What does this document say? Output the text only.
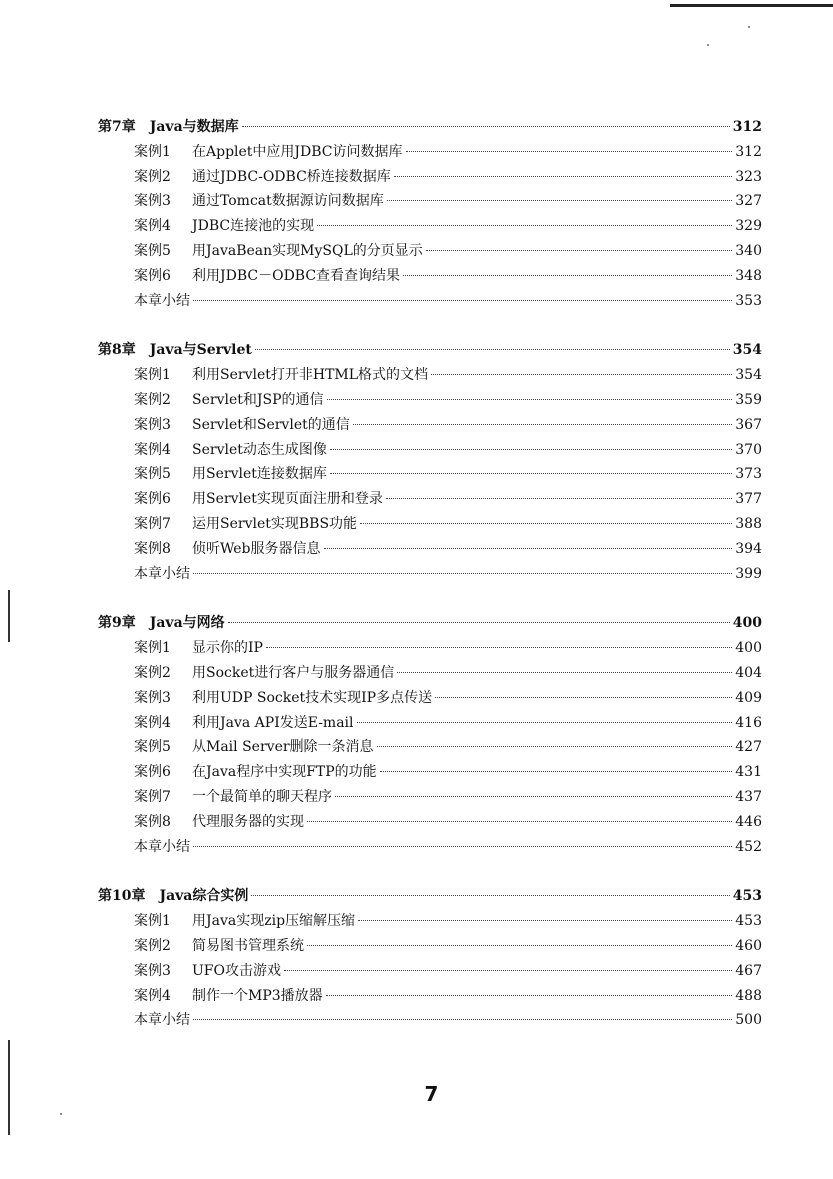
第7章　Java与数据库	312
案例1	在Applet中应用JDBC访问数据库	312
案例2	通过JDBC-ODBC桥连接数据库	323
案例3	通过Tomcat数据源访问数据库	327
案例4	JDBC连接池的实现	329
案例5	用JavaBean实现MySQL的分页显示	340
案例6	利用JDBC－ODBC查看查询结果	348
本章小结	353
第8章　Java与Servlet	354
案例1	利用Servlet打开非HTML格式的文档	354
案例2	Servlet和JSP的通信	359
案例3	Servlet和Servlet的通信	367
案例4	Servlet动态生成图像	370
案例5	用Servlet连接数据库	373
案例6	用Servlet实现页面注册和登录	377
案例7	运用Servlet实现BBS功能	388
案例8	侦听Web服务器信息	394
本章小结	399
第9章　Java与网络	400
案例1	显示你的IP	400
案例2	用Socket进行客户与服务器通信	404
案例3	利用UDP Socket技术实现IP多点传送	409
案例4	利用Java API发送E-mail	416
案例5	从Mail Server删除一条消息	427
案例6	在Java程序中实现FTP的功能	431
案例7	一个最简单的聊天程序	437
案例8	代理服务器的实现	446
本章小结	452
第10章　Java综合实例	453
案例1	用Java实现zip压缩解压缩	453
案例2	简易图书管理系统	460
案例3	UFO攻击游戏	467
案例4	制作一个MP3播放器	488
本章小结	500
7
